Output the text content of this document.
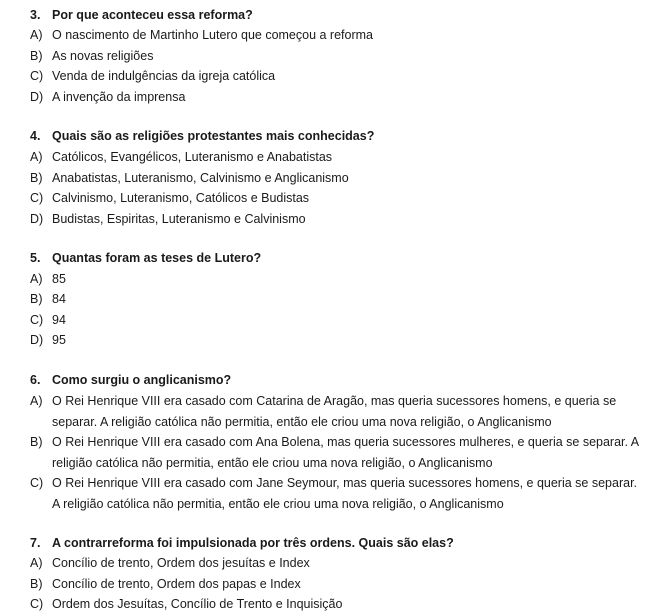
3. Por que aconteceu essa reforma?
A) O nascimento de Martinho Lutero que começou a reforma
B) As novas religiões
C) Venda de indulgências da igreja católica
D) A invenção da imprensa
4. Quais são as religiões protestantes mais conhecidas?
A) Católicos, Evangélicos, Luteranismo e Anabatistas
B) Anabatistas, Luteranismo, Calvinismo e Anglicanismo
C) Calvinismo, Luteranismo, Católicos e Budistas
D) Budistas, Espiritas, Luteranismo e Calvinismo
5. Quantas foram as teses de Lutero?
A) 85
B) 84
C) 94
D) 95
6. Como surgiu o anglicanismo?
A) O Rei Henrique VIII era casado com Catarina de Aragão, mas queria sucessores homens, e queria se separar. A religião católica não permitia, então ele criou uma nova religião, o Anglicanismo
B) O Rei Henrique VIII era casado com Ana Bolena, mas queria sucessores mulheres, e queria se separar. A religião católica não permitia, então ele criou uma nova religião, o Anglicanismo
C) O Rei Henrique VIII era casado com Jane Seymour, mas queria sucessores homens, e queria se separar. A religião católica não permitia, então ele criou uma nova religião, o Anglicanismo
7. A contrarreforma foi impulsionada por três ordens. Quais são elas?
A) Concílio de trento, Ordem dos jesuítas e Index
B) Concílio de trento, Ordem dos papas e Index
C) Ordem dos Jesuítas, Concílio de Trento e Inquisição
